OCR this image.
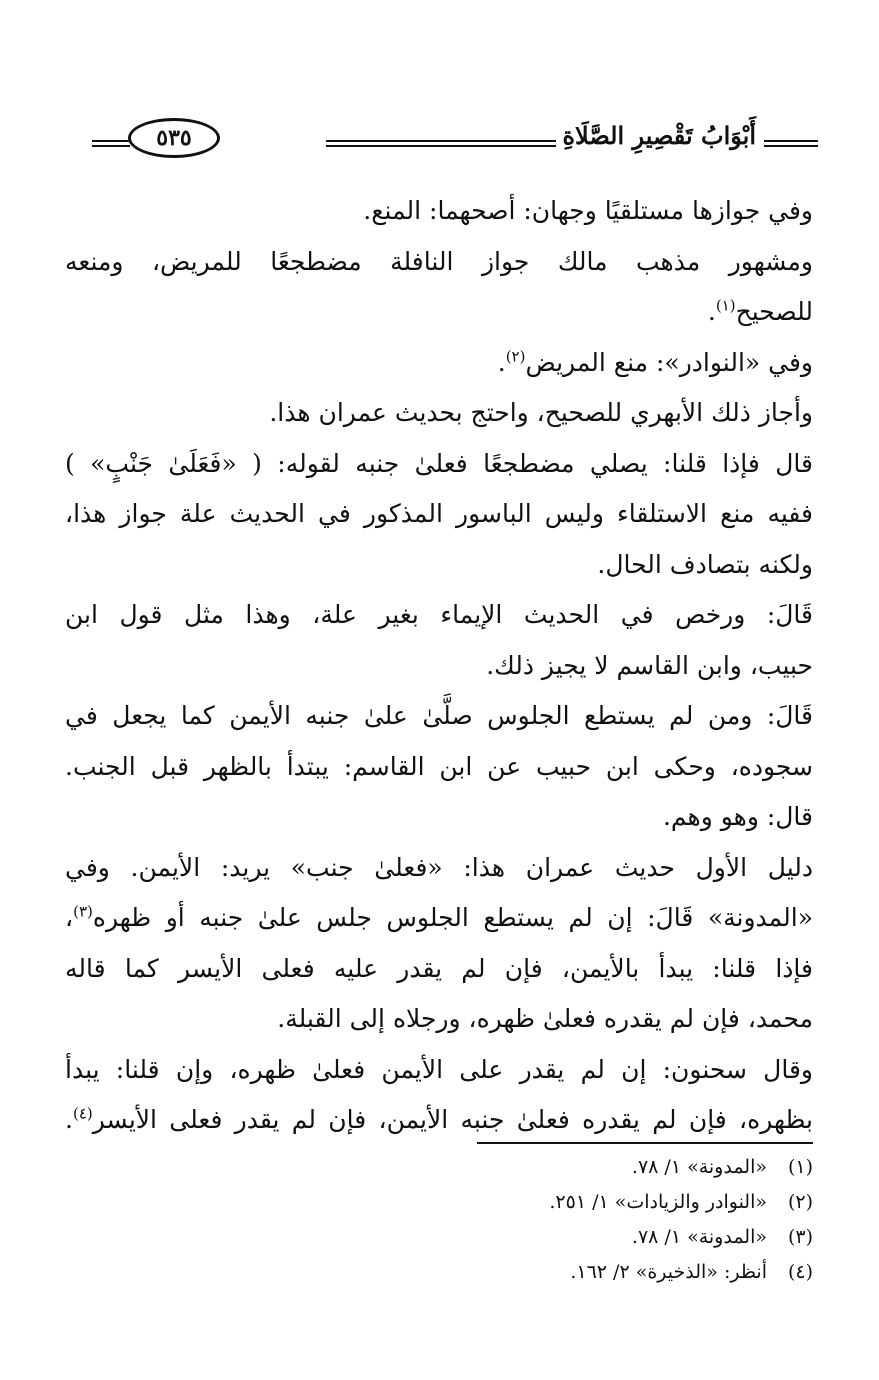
أَبْوَابُ تَقْصِيرِ الصَّلَاةِ
٥٣٥
وفي جوازها مستلقيًا وجهان: أصحهما: المنع.
ومشهور مذهب مالك جواز النافلة مضطجعًا للمريض، ومنعه
للصحيح$^{(١)}$.
وفي «النوادر»: منع المريض$^{(٢)}$.
وأجاز ذلك الأبهري للصحيح، واحتج بحديث عمران هذا.
قال فإذا قلنا: يصلي مضطجعًا فعلىٰ جنبه لقوله: ( «فَعَلَىٰ جَنْبٍ» )
ففيه منع الاستلقاء وليس الباسور المذكور في الحديث علة جواز هذا،
ولكنه بتصادف الحال.
قَالَ: ورخص في الحديث الإيماء بغير علة، وهذا مثل قول ابن
حبيب، وابن القاسم لا يجيز ذلك.
قَالَ: ومن لم يستطع الجلوس صلَّىٰ علىٰ جنبه الأيمن كما يجعل في
سجوده، وحكى ابن حبيب عن ابن القاسم: يبتدأ بالظهر قبل الجنب.
قال: وهو وهم.
دليل الأول حديث عمران هذا: «فعلىٰ جنب» يريد: الأيمن. وفي
«المدونة» قَالَ: إن لم يستطع الجلوس جلس علىٰ جنبه أو ظهره$^{(٣)}$،
فإذا قلنا: يبدأ بالأيمن، فإن لم يقدر عليه فعلى الأيسر كما قاله
محمد، فإن لم يقدره فعلىٰ ظهره، ورجلاه إلى القبلة.
وقال سحنون: إن لم يقدر على الأيمن فعلىٰ ظهره، وإن قلنا: يبدأ
بظهره، فإن لم يقدره فعلىٰ جنبه الأيمن، فإن لم يقدر فعلى الأيسر$^{(٤)}$.
(١)«المدونة» ١/ ٧٨.
(٢)«النوادر والزيادات» ١/ ٢٥١.
(٣)«المدونة» ١/ ٧٨.
(٤)أنظر: «الذخيرة» ٢/ ١٦٢.
